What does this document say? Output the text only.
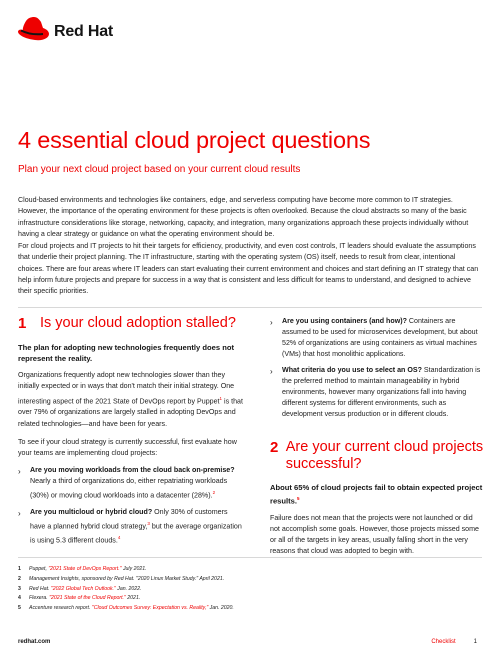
Red Hat
4 essential cloud project questions
Plan your next cloud project based on your current cloud results
Cloud-based environments and technologies like containers, edge, and serverless computing have become more common to IT strategies. However, the importance of the operating environment for these projects is often overlooked. Because the cloud abstracts so many of the basic infrastructure considerations like storage, networking, capacity, and integration, many organizations approach these projects individually without having a clear strategy or guidance on what the operating environment should be.
For cloud projects and IT projects to hit their targets for efficiency, productivity, and even cost controls, IT leaders should evaluate the assumptions that underlie their project planning. The IT infrastructure, starting with the operating system (OS) itself, needs to result from clear, intentional choices. There are four areas where IT leaders can start evaluating their current environment and choices and start defining an IT strategy that can help inform future projects and prepare for success in a way that is consistent and less difficult for teams to understand, and designed to achieve their specific priorities.
1 Is your cloud adoption stalled?
The plan for adopting new technologies frequently does not represent the reality.
Organizations frequently adopt new technologies slower than they initially expected or in ways that don't match their initial strategy. One interesting aspect of the 2021 State of DevOps report by Puppet$^1$ is that over 79% of organizations are largely stalled in adopting DevOps and related technologies—and have been for years.
To see if your cloud strategy is currently successful, first evaluate how your teams are implementing cloud projects:
› Are you moving workloads from the cloud back on-premise? Nearly a third of organizations do, either repatriating workloads (30%) or moving cloud workloads into a datacenter (28%).$^2$
› Are you multicloud or hybrid cloud? Only 30% of customers have a planned hybrid cloud strategy,$^3$ but the average organization is using 5.3 different clouds.$^4$
› Are you using containers (and how)? Containers are assumed to be used for microservices development, but about 52% of organizations are using containers as virtual machines (VMs) that host monolithic applications.
› What criteria do you use to select an OS? Standardization is the preferred method to maintain manageability in hybrid environments, however many organizations fall into having different systems for different environments, such as development versus production or in different clouds.
2 Are your current cloud projects successful?
About 65% of cloud projects fail to obtain expected project results.$^5$
Failure does not mean that the projects were not launched or did not accomplish some goals. However, those projects missed some or all of the targets in key areas, usually falling short in the very reasons that cloud was adopted to begin with.
1 Puppet, "2021 State of DevOps Report." July 2021.
2 Management Insights, sponsored by Red Hat. "2020 Linux Market Study." April 2021.
3 Red Hat. "2022 Global Tech Outlook." Jan. 2022.
4 Flexera. "2021 State of the Cloud Report." 2021.
5 Accenture research report. "Cloud Outcomes Survey: Expectation vs. Reality," Jan. 2020.
redhat.com	Checklist	1
